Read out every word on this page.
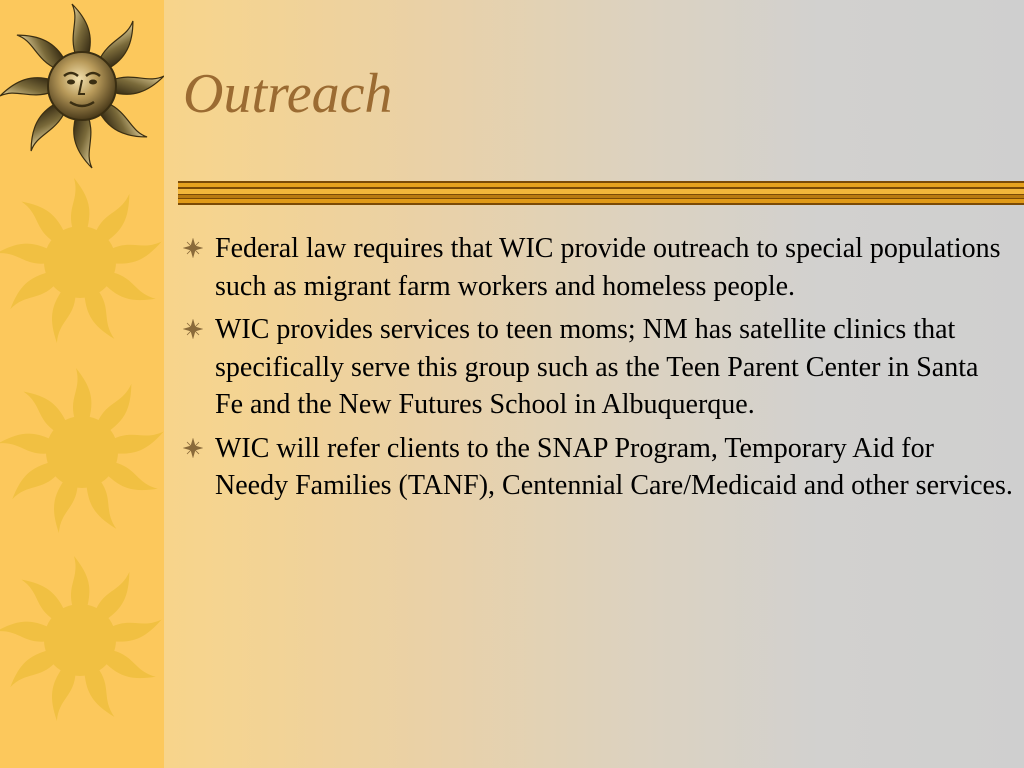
Outreach
Federal law requires that WIC provide outreach to special populations such as migrant farm workers and homeless people.
WIC provides services to teen moms; NM has satellite clinics that specifically serve this group such as the Teen Parent Center in Santa Fe and the New Futures School in Albuquerque.
WIC will refer clients to the SNAP Program, Temporary Aid for Needy Families (TANF), Centennial Care/Medicaid and other services.
